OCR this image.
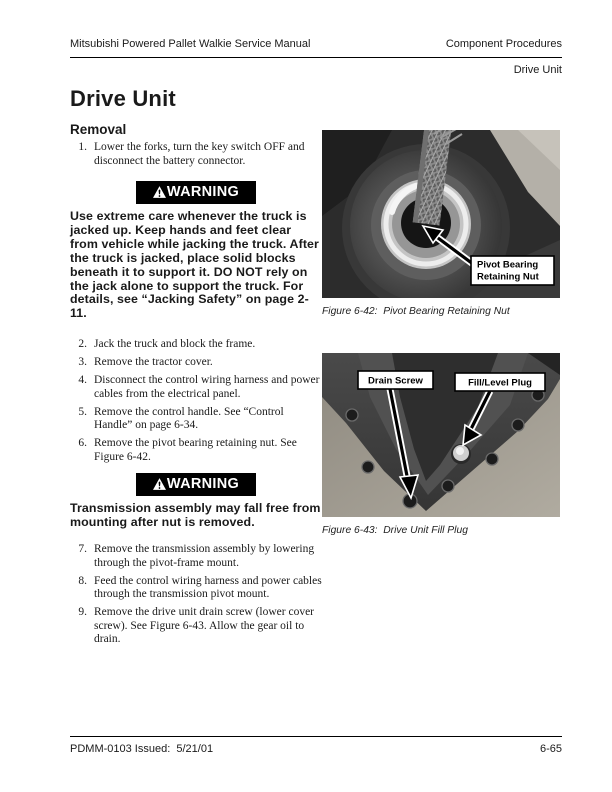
Mitsubishi Powered Pallet Walkie Service Manual	Component Procedures
Drive Unit
Drive Unit
Removal
1. Lower the forks, turn the key switch OFF and disconnect the battery connector.
WARNING

Use extreme care whenever the truck is jacked up. Keep hands and feet clear from vehicle while jacking the truck. After the truck is jacked, place solid blocks beneath it to support it. DO NOT rely on the jack alone to support the truck. For details, see “Jacking Safety” on page 2-11.

2. Jack the truck and block the frame.
3. Remove the tractor cover.
4. Disconnect the control wiring harness and power cables from the electrical panel.
5. Remove the control handle. See “Control Handle” on page 6-34.
6. Remove the pivot bearing retaining nut. See Figure 6-42.
WARNING

Transmission assembly may fall free from mounting after nut is removed.

7. Remove the transmission assembly by lowering through the pivot-frame mount.
8. Feed the control wiring harness and power cables through the transmission pivot mount.
9. Remove the drive unit drain screw (lower cover screw). See Figure 6-43. Allow the gear oil to drain.
Pivot Bearing
Retaining Nut
Figure 6-42:  Pivot Bearing Retaining Nut
Drain Screw	Fill/Level Plug
Figure 6-43:  Drive Unit Fill Plug
PDMM-0103 Issued:  5/21/01	6-65
